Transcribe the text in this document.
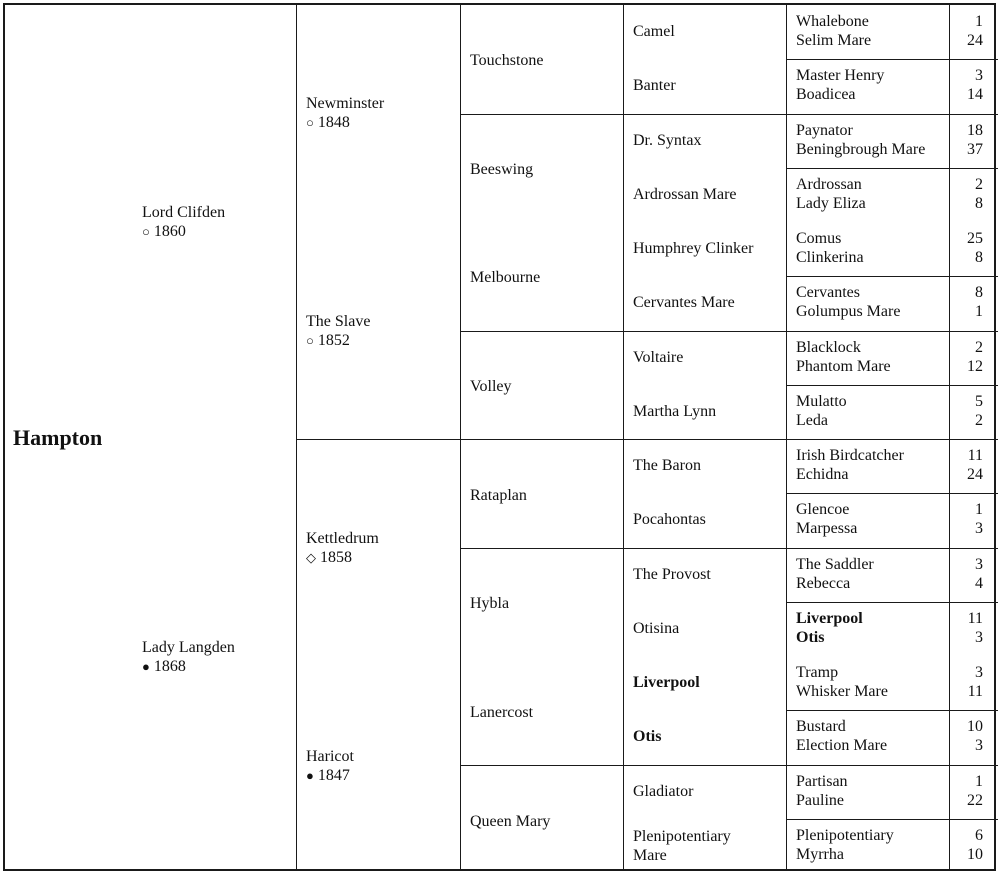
Hampton
Lord Clifden
○ 1860
Lady Langden
● 1868
Newminster
○ 1848
The Slave
○ 1852
Kettledrum
◇ 1858
Haricot
● 1847
Touchstone
Beeswing
Melbourne
Volley
Rataplan
Hybla
Lanercost
Queen Mary
Camel
Banter
Dr. Syntax
Ardrossan Mare
Humphrey Clinker
Cervantes Mare
Voltaire
Martha Lynn
The Baron
Pocahontas
The Provost
Otisina
Liverpool
Otis
Gladiator
Plenipotentiary
Mare
Whalebone
Selim Mare
1
24
Master Henry
Boadicea
3
14
Paynator
Beningbrough Mare
18
37
Ardrossan
Lady Eliza
2
8
Comus
Clinkerina
25
8
Cervantes
Golumpus Mare
8
1
Blacklock
Phantom Mare
2
12
Mulatto
Leda
5
2
Irish Birdcatcher
Echidna
11
24
Glencoe
Marpessa
1
3
The Saddler
Rebecca
3
4
Liverpool
Otis
11
3
Tramp
Whisker Mare
3
11
Bustard
Election Mare
10
3
Partisan
Pauline
1
22
Plenipotentiary
Myrrha
6
10
